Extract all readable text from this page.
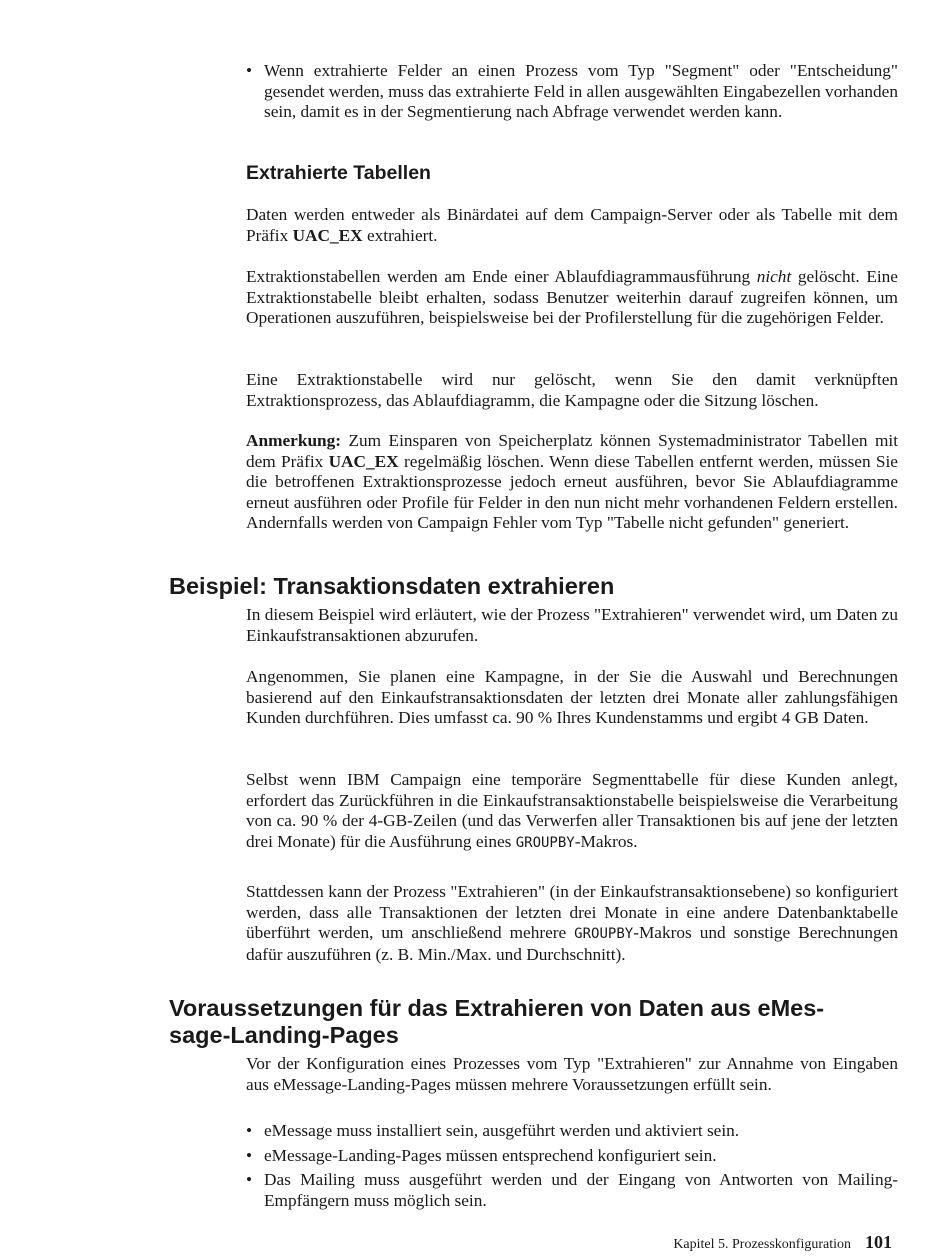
• Wenn extrahierte Felder an einen Prozess vom Typ "Segment" oder "Entscheidung" gesendet werden, muss das extrahierte Feld in allen ausgewählten Eingabezellen vorhanden sein, damit es in der Segmentierung nach Abfrage verwendet werden kann.
Extrahierte Tabellen

Daten werden entweder als Binärdatei auf dem Campaign-Server oder als Tabelle mit dem Präfix UAC_EX extrahiert.

Extraktionstabellen werden am Ende einer Ablaufdiagrammausführung nicht gelöscht. Eine Extraktionstabelle bleibt erhalten, sodass Benutzer weiterhin darauf zugreifen können, um Operationen auszuführen, beispielsweise bei der Profilerstellung für die zugehörigen Felder.

Eine Extraktionstabelle wird nur gelöscht, wenn Sie den damit verknüpften Extraktionsprozess, das Ablaufdiagramm, die Kampagne oder die Sitzung löschen.

Anmerkung: Zum Einsparen von Speicherplatz können Systemadministrator Tabellen mit dem Präfix UAC_EX regelmäßig löschen. Wenn diese Tabellen entfernt werden, müssen Sie die betroffenen Extraktionsprozesse jedoch erneut ausführen, bevor Sie Ablaufdiagramme erneut ausführen oder Profile für Felder in den nun nicht mehr vorhandenen Feldern erstellen. Andernfalls werden von Campaign Fehler vom Typ "Tabelle nicht gefunden" generiert.

Beispiel: Transaktionsdaten extrahieren

In diesem Beispiel wird erläutert, wie der Prozess "Extrahieren" verwendet wird, um Daten zu Einkaufstransaktionen abzurufen.

Angenommen, Sie planen eine Kampagne, in der Sie die Auswahl und Berechnungen basierend auf den Einkaufstransaktionsdaten der letzten drei Monate aller zahlungsfähigen Kunden durchführen. Dies umfasst ca. 90 % Ihres Kundenstamms und ergibt 4 GB Daten.

Selbst wenn IBM Campaign eine temporäre Segmenttabelle für diese Kunden anlegt, erfordert das Zurückführen in die Einkaufstransaktionstabelle beispielsweise die Verarbeitung von ca. 90 % der 4-GB-Zeilen (und das Verwerfen aller Transaktionen bis auf jene der letzten drei Monate) für die Ausführung eines GROUPBY-Makros.

Stattdessen kann der Prozess "Extrahieren" (in der Einkaufstransaktionsebene) so konfiguriert werden, dass alle Transaktionen der letzten drei Monate in eine andere Datenbanktabelle überführt werden, um anschließend mehrere GROUPBY-Makros und sonstige Berechnungen dafür auszuführen (z. B. Min./Max. und Durchschnitt).

Voraussetzungen für das Extrahieren von Daten aus eMes-
sage-Landing-Pages

Vor der Konfiguration eines Prozesses vom Typ "Extrahieren" zur Annahme von Eingaben aus eMessage-Landing-Pages müssen mehrere Voraussetzungen erfüllt sein.

• eMessage muss installiert sein, ausgeführt werden und aktiviert sein.
• eMessage-Landing-Pages müssen entsprechend konfiguriert sein.
• Das Mailing muss ausgeführt werden und der Eingang von Antworten von Mailing-Empfängern muss möglich sein.
Kapitel 5. Prozesskonfiguration 101
